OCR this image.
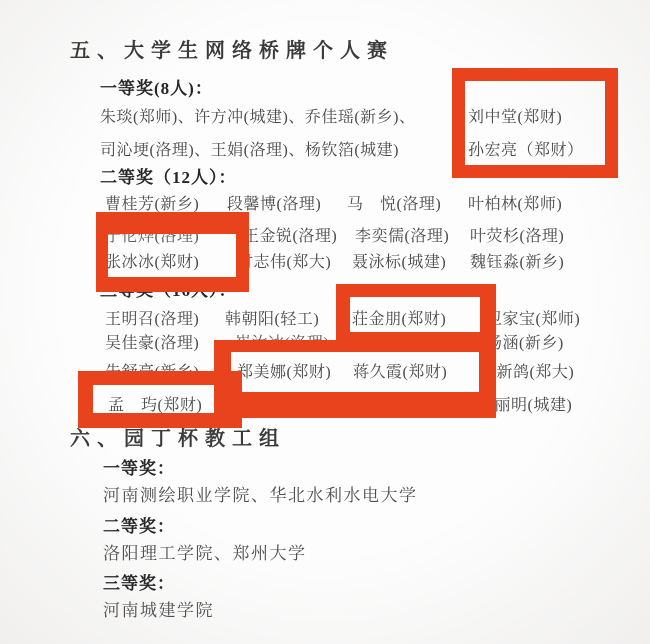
五、大学生网络桥牌个人赛
一等奖(8人)：
朱琰(郑师)、许方冲(城建)、乔佳瑶(新乡)、	刘中堂(郑财)
司沁埂(洛理)、王娟(洛理)、杨钦箔(城建)	孙宏亮（郑财）
二等奖（12人）：
曹桂芳(新乡) 段馨博(洛理) 马　悦(洛理) 叶柏林(郑师)
于伦烨(洛理)	王金锐(洛理) 李奕儒(洛理) 叶荧杉(洛理)
张冰冰(郑财) 付志伟(郑大) 聂泳标(城建) 魏钰淼(新乡)
三等奖（16人）：
王明召(洛理) 韩朝阳(轻工) 荘金朋(郑财) 卫家宝(郑师)
吴佳豪(洛理) 崔汝冰(洛理)	杨涵(新乡)
朱舒豪(新乡) 郑美娜(郑财) 蒋久霞(郑财) 孙新鸽(郑大)
孟　玙(郑财) 韩家熙(郑大) 崔甜甜(城建) 张丽明(城建)
六、园丁杯教工组
一等奖：
河南测绘职业学院、华北水利水电大学
二等奖：
洛阳理工学院、郑州大学
三等奖：
河南城建学院
